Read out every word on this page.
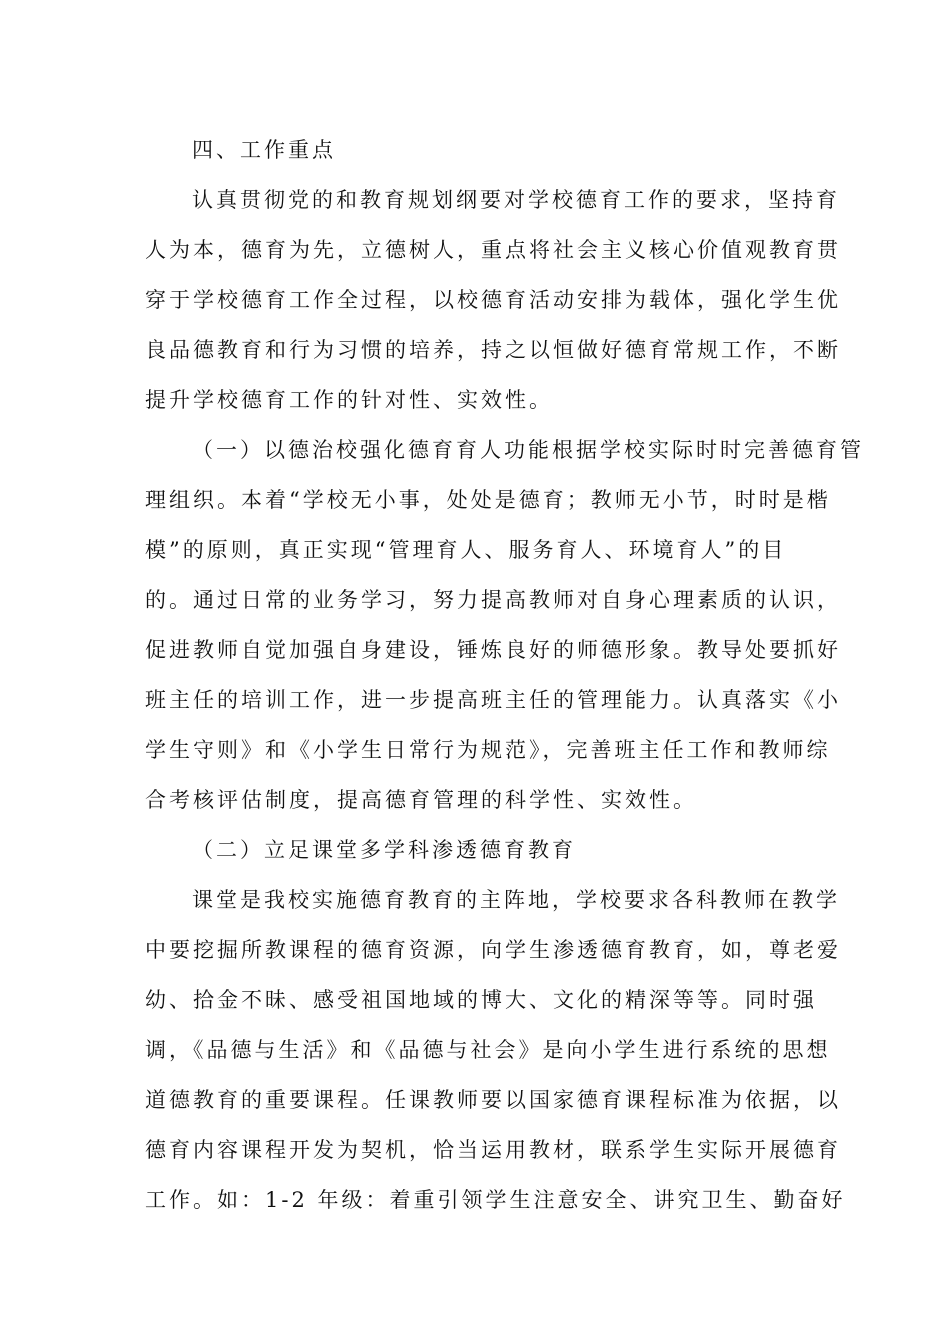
四、工作重点

认真贯彻党的和教育规划纲要对学校德育工作的要求，坚持育

人为本，德育为先，立德树人，重点将社会主义核心价值观教育贯

穿于学校德育工作全过程，以校德育活动安排为载体，强化学生优

良品德教育和行为习惯的培养，持之以恒做好德育常规工作，不断

提升学校德育工作的针对性、实效性。

（一）以德治校强化德育育人功能根据学校实际时时完善德育管

理组织。本着“学校无小事，处处是德育；教师无小节，时时是楷

模”的原则，真正实现“管理育人、服务育人、环境育人”的目

的。通过日常的业务学习，努力提高教师对自身心理素质的认识，

促进教师自觉加强自身建设，锤炼良好的师德形象。教导处要抓好

班主任的培训工作，进一步提高班主任的管理能力。认真落实《小

学生守则》和《小学生日常行为规范》，完善班主任工作和教师综

合考核评估制度，提高德育管理的科学性、实效性。

（二）立足课堂多学科渗透德育教育

课堂是我校实施德育教育的主阵地，学校要求各科教师在教学

中要挖掘所教课程的德育资源，向学生渗透德育教育，如，尊老爱

幼、拾金不昧、感受祖国地域的博大、文化的精深等等。同时强

调，《品德与生活》和《品德与社会》是向小学生进行系统的思想

道德教育的重要课程。任课教师要以国家德育课程标准为依据，以

德育内容课程开发为契机，恰当运用教材，联系学生实际开展德育

工作。如：1-2 年级：着重引领学生注意安全、讲究卫生、勤奋好
